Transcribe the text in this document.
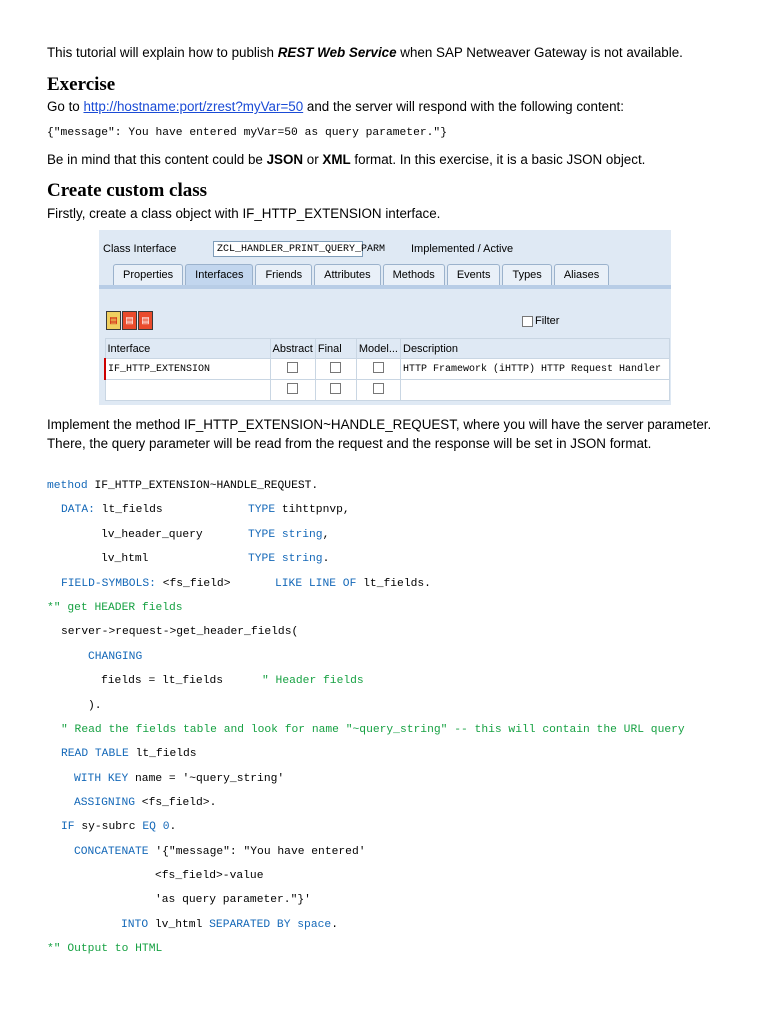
This tutorial will explain how to publish REST Web Service when SAP Netweaver Gateway is not available.
Exercise
Go to http://hostname:port/zrest?myVar=50 and the server will respond with the following content:
{"message": You have entered myVar=50 as query parameter."}
Be in mind that this content could be JSON or XML format. In this exercise, it is a basic JSON object.
Create custom class
Firstly, create a class object with IF_HTTP_EXTENSION interface.
Class Interface	ZCL_HANDLER_PRINT_QUERY_PARM Implemented / Active
Properties	Interfaces	Friends	Attributes	Methods	Events	Types	Aliases
▤ ▤ ▤	Filter
Interface	Abstract	Final	Model...	Description
IF_HTTP_EXTENSION				HTTP Framework (iHTTP) HTTP Request Handler

Implement the method IF_HTTP_EXTENSION~HANDLE_REQUEST, where you will have the server parameter. There, the query parameter will be read from the request and the response will be set in JSON format.
method IF_HTTP_EXTENSION~HANDLE_REQUEST.
DATA: lt_fields	TYPE tihttpnvp,
lv_header_query	TYPE string,
lv_html	TYPE string.
FIELD-SYMBOLS: <fs_field>	LIKE LINE OF lt_fields.
*" get HEADER fields
server->request->get_header_fields(
CHANGING
fields = lt_fields	" Header fields
).
" Read the fields table and look for name "~query_string" -- this will contain the URL query
READ TABLE lt_fields
WITH KEY name = '~query_string'
ASSIGNING <fs_field>.
IF sy-subrc EQ 0.
CONCATENATE '{"message": "You have entered'
<fs_field>-value
'as query parameter."}'
INTO lv_html SEPARATED BY space.
*" Output to HTML
